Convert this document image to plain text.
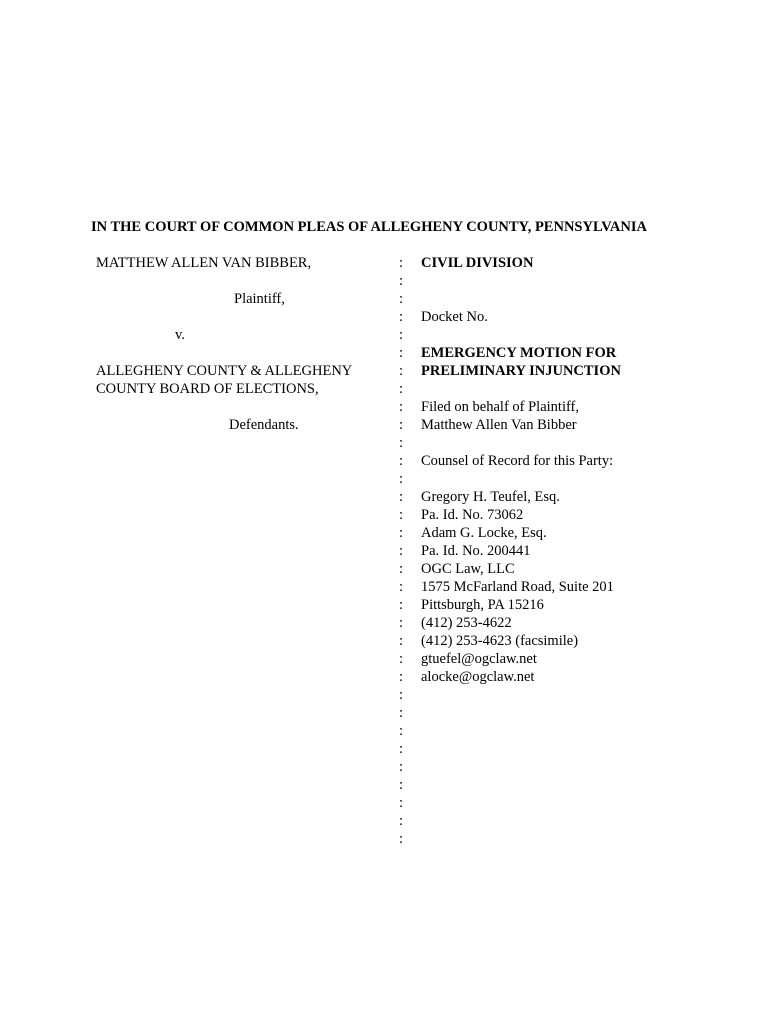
IN THE COURT OF COMMON PLEAS OF ALLEGHENY COUNTY, PENNSYLVANIA
MATTHEW ALLEN VAN BIBBER,
Plaintiff,
v.
ALLEGHENY COUNTY & ALLEGHENY
COUNTY BOARD OF ELECTIONS,
Defendants.
:
:
:
:
:
:
:
:
:
:
:
:
:
:
:
:
:
:
:
:
:
:
:
:
:
:
:
:
:
:
:
:
:
CIVIL DIVISION
Docket No.
EMERGENCY MOTION FOR
PRELIMINARY INJUNCTION
Filed on behalf of Plaintiff,
Matthew Allen Van Bibber
Counsel of Record for this Party:
Gregory H. Teufel, Esq.
Pa. Id. No. 73062
Adam G. Locke, Esq.
Pa. Id. No. 200441
OGC Law, LLC
1575 McFarland Road, Suite 201
Pittsburgh, PA 15216
(412) 253-4622
(412) 253-4623 (facsimile)
gtuefel@ogclaw.net
alocke@ogclaw.net
